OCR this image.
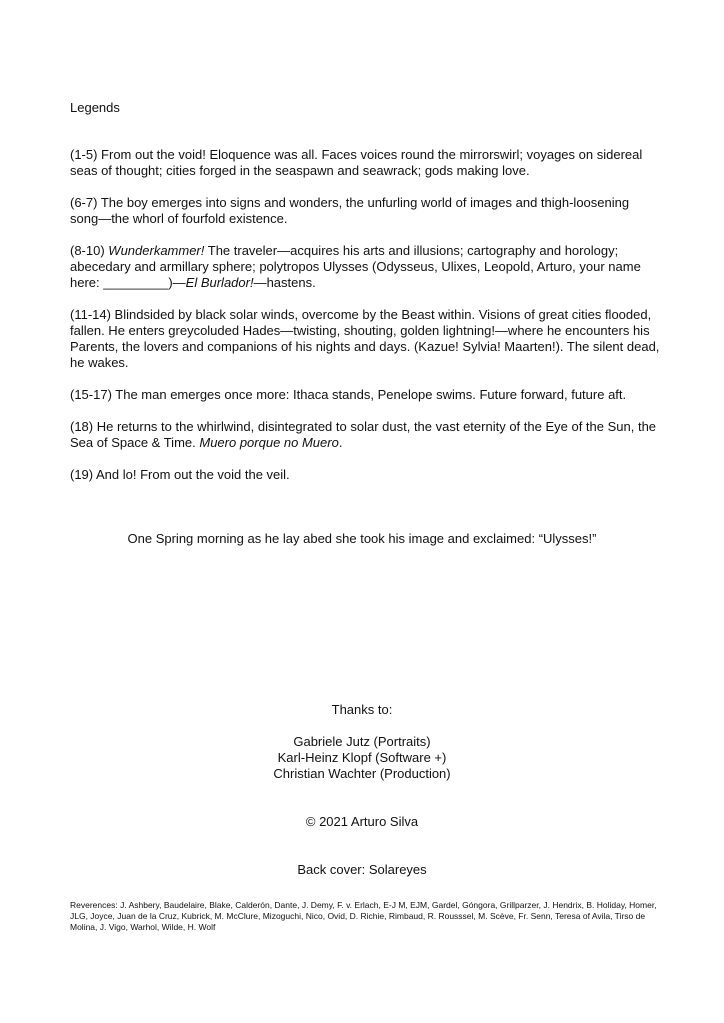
Legends

(1-5) From out the void! Eloquence was all. Faces voices round the mirrorswirl; voyages on sidereal seas of thought; cities forged in the seaspawn and seawrack; gods making love.

(6-7) The boy emerges into signs and wonders, the unfurling world of images and thigh-loosening song—the whorl of fourfold existence.

(8-10) Wunderkammer! The traveler—acquires his arts and illusions; cartography and horology; abecedary and armillary sphere; polytropos Ulysses (Odysseus, Ulixes, Leopold, Arturo, your name here: _________)—El Burlador!—hastens.

(11-14) Blindsided by black solar winds, overcome by the Beast within. Visions of great cities flooded, fallen. He enters greycoluded Hades—twisting, shouting, golden lightning!—where he encounters his Parents, the lovers and companions of his nights and days. (Kazue! Sylvia! Maarten!). The silent dead, he wakes.

(15-17) The man emerges once more: Ithaca stands, Penelope swims. Future forward, future aft.

(18) He returns to the whirlwind, disintegrated to solar dust, the vast eternity of the Eye of the Sun, the Sea of Space & Time. Muero porque no Muero.

(19) And lo! From out the void the veil.

One Spring morning as he lay abed she took his image and exclaimed: “Ulysses!”

Thanks to:

Gabriele Jutz (Portraits)

Karl-Heinz Klopf (Software +)

Christian Wachter (Production)

© 2021 Arturo Silva

Back cover: Solareyes

Reverences: J. Ashbery, Baudelaire, Blake, Calderón, Dante, J. Demy, F. v. Erlach, E-J M, EJM, Gardel, Góngora, Grillparzer, J. Hendrix, B. Holiday, Homer, JLG, Joyce, Juan de la Cruz, Kubrick, M. McClure, Mizoguchi, Nico, Ovid, D. Richie, Rimbaud, R. Rousssel, M. Scève, Fr. Senn, Teresa of Avila, Tirso de Molina, J. Vigo, Warhol, Wilde, H. Wolf
